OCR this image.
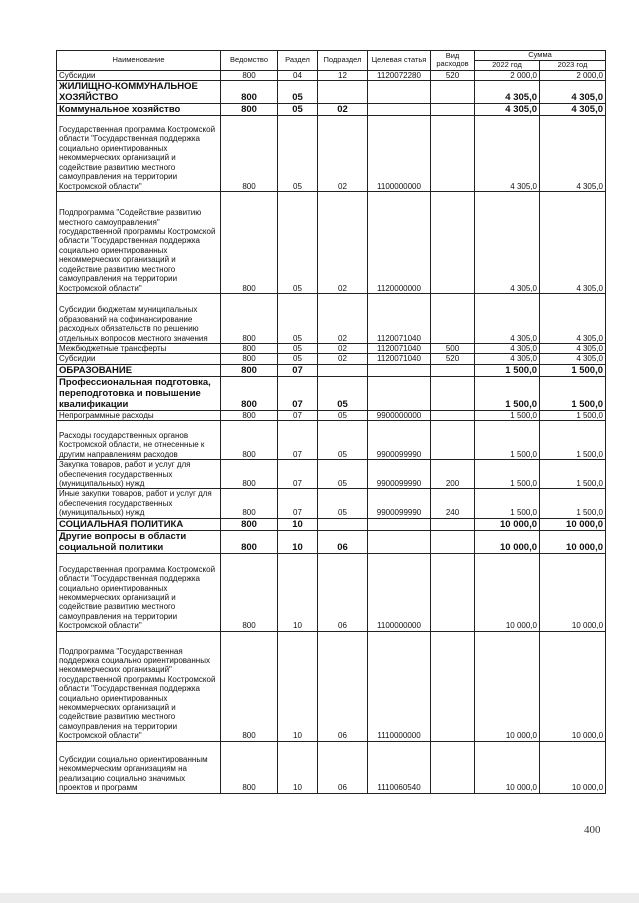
Наименование	Ведомство	Раздел	Подраздел	Целевая статья	Вид расходов	Сумма	
						2022 год	2023 год
Субсидии	800	04	12	1120072280	520	2 000,0	2 000,0
ЖИЛИЩНО-КОММУНАЛЬНОЕ ХОЗЯЙСТВО	800	05				4 305,0	4 305,0
Коммунальное хозяйство	800	05	02			4 305,0	4 305,0
Государственная программа Костромской области "Государственная поддержка социально ориентированных некоммерческих организаций и содействие развитию местного самоуправления на территории Костромской области"	800	05	02	1100000000		4 305,0	4 305,0
Подпрограмма "Содействие развитию местного самоуправления" государственной программы Костромской области "Государственная поддержка социально ориентированных некоммерческих организаций и содействие развитию местного самоуправления на территории Костромской области"	800	05	02	1120000000		4 305,0	4 305,0
Субсидии бюджетам муниципальных образований на софинансирование расходных обязательств по решению отдельных вопросов местного значения	800	05	02	1120071040		4 305,0	4 305,0
Межбюджетные трансферты	800	05	02	1120071040	500	4 305,0	4 305,0
Субсидии	800	05	02	1120071040	520	4 305,0	4 305,0
ОБРАЗОВАНИЕ	800	07				1 500,0	1 500,0
Профессиональная подготовка, переподготовка и повышение квалификации	800	07	05			1 500,0	1 500,0
Непрограммные расходы	800	07	05	9900000000		1 500,0	1 500,0
Расходы государственных органов Костромской области, не отнесенные к другим направлениям расходов	800	07	05	9900099990		1 500,0	1 500,0
Закупка товаров, работ и услуг для обеспечения государственных (муниципальных) нужд	800	07	05	9900099990	200	1 500,0	1 500,0
Иные закупки товаров, работ и услуг для обеспечения государственных (муниципальных) нужд	800	07	05	9900099990	240	1 500,0	1 500,0
СОЦИАЛЬНАЯ ПОЛИТИКА	800	10				10 000,0	10 000,0
Другие вопросы в области социальной политики	800	10	06			10 000,0	10 000,0
Государственная программа Костромской области "Государственная поддержка социально ориентированных некоммерческих организаций и содействие развитию местного самоуправления на территории Костромской области"	800	10	06	1100000000		10 000,0	10 000,0
Подпрограмма "Государственная поддержка социально ориентированных некоммерческих организаций" государственной программы Костромской области "Государственная поддержка социально ориентированных некоммерческих организаций и содействие развитию местного самоуправления на территории Костромской области"	800	10	06	1110000000		10 000,0	10 000,0
Субсидии социально ориентированным некоммерческим организациям на реализацию социально значимых проектов и программ	800	10	06	1110060540		10 000,0	10 000,0
400
